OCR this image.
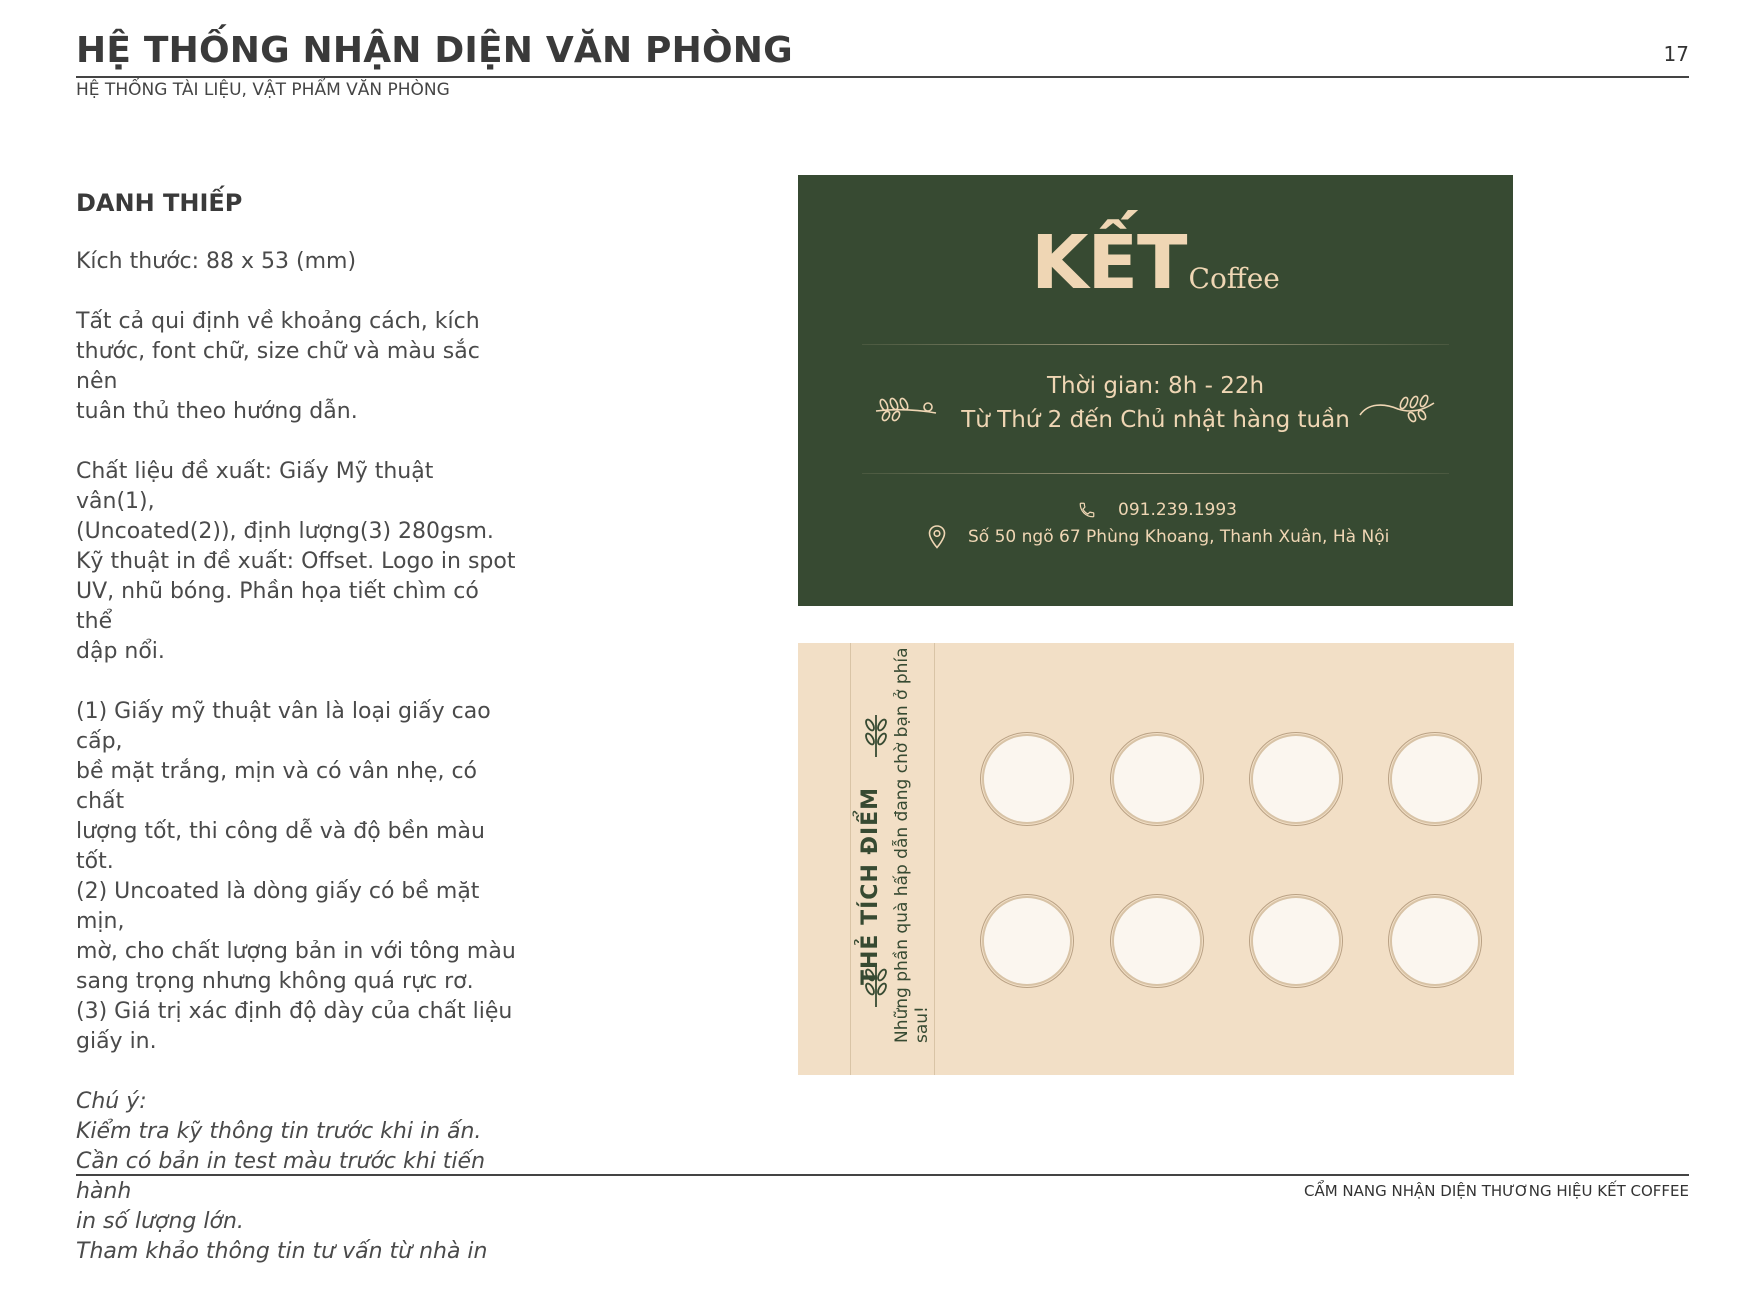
HỆ THỐNG NHẬN DIỆN VĂN PHÒNG
HỆ THỐNG TÀI LIỆU, VẬT PHẨM VĂN PHÒNG
17
DANH THIẾP

Kích thước: 88 x 53 (mm)

Tất cả qui định về khoảng cách, kích
thước, font chữ, size chữ và màu sắc nên
tuân thủ theo hướng dẫn.

Chất liệu đề xuất: Giấy Mỹ thuật vân(1),
(Uncoated(2)), định lượng(3) 280gsm.
Kỹ thuật in đề xuất: Offset. Logo in spot
UV, nhũ bóng. Phần họa tiết chìm có thể
dập nổi.

(1) Giấy mỹ thuật vân là loại giấy cao cấp,
bề mặt trắng, mịn và có vân nhẹ, có chất
lượng tốt, thi công dễ và độ bền màu tốt.
(2) Uncoated là dòng giấy có bề mặt mịn,
mờ, cho chất lượng bản in với tông màu
sang trọng nhưng không quá rực rơ.
(3) Giá trị xác định độ dày của chất liệu
giấy in.

Chú ý:
Kiểm tra kỹ thông tin trước khi in ấn.
Cần có bản in test màu trước khi tiến hành
in số lượng lớn.
Tham khảo thông tin tư vấn từ nhà in

KẾTCoffee
Thời gian: 8h - 22h
Từ Thứ 2 đến Chủ nhật hàng tuần
091.239.1993
Số 50 ngõ 67 Phùng Khoang, Thanh Xuân, Hà Nội
THẺ TÍCH ĐIỂM Những phần quà hấp dẫn đang chờ bạn ở phía sau!
CẨM NANG NHẬN DIỆN THƯƠNG HIỆU KẾT COFFEE
